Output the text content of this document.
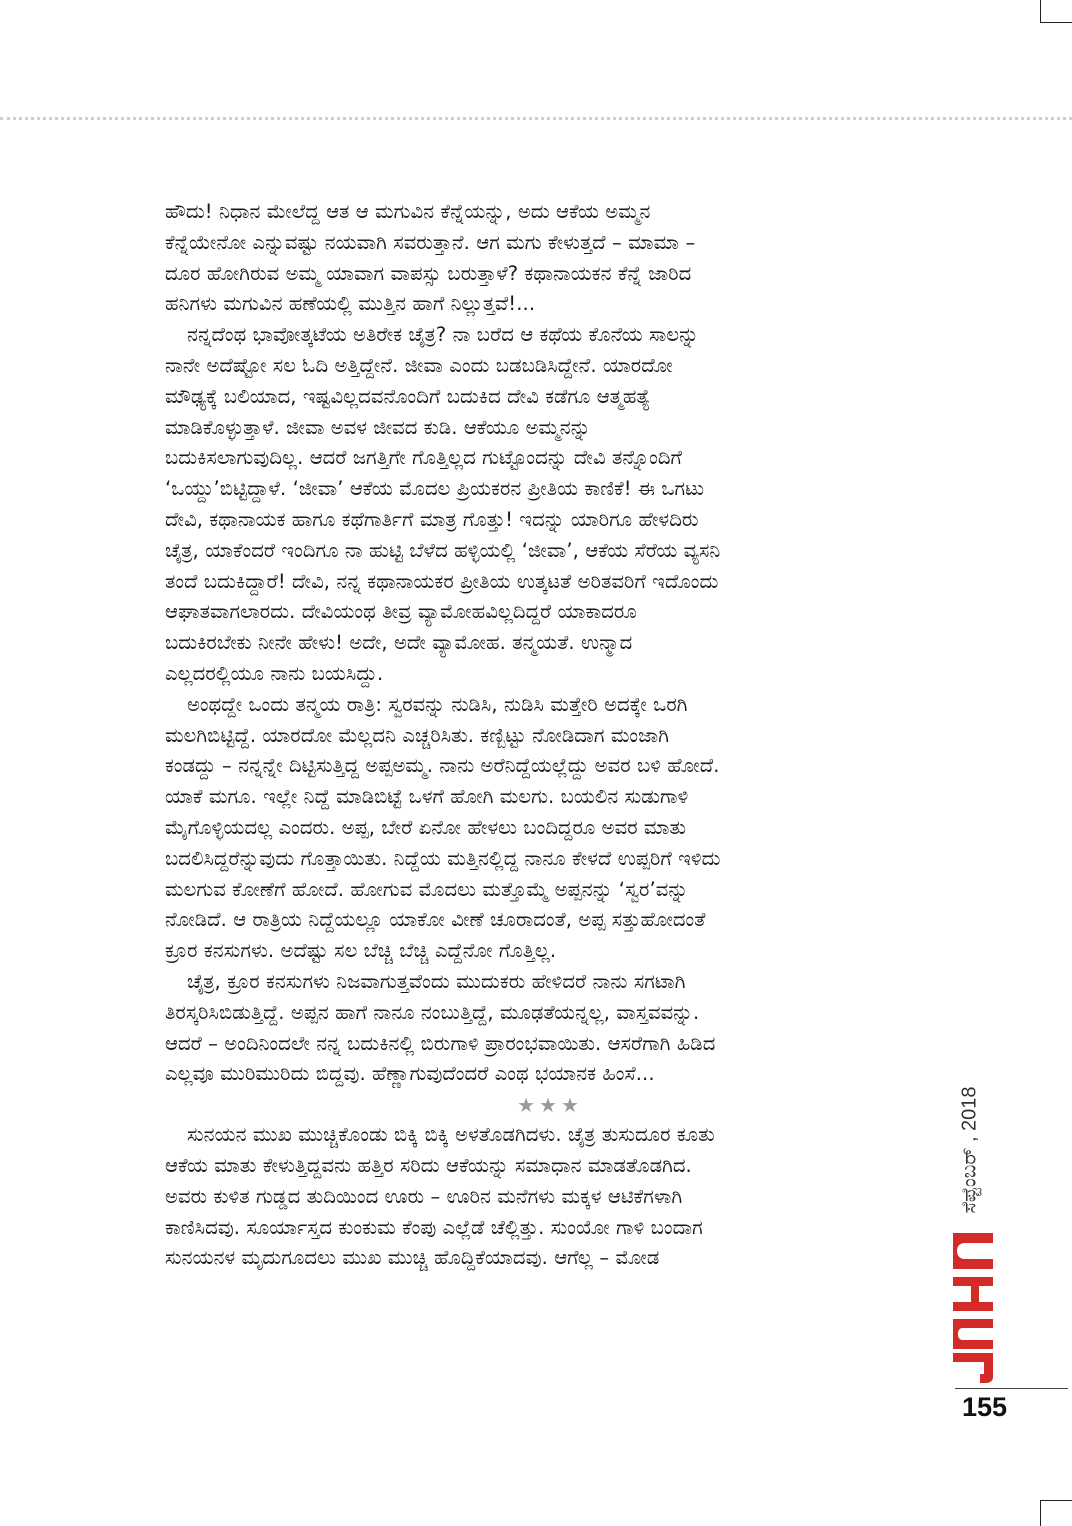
ಹೌದು! ನಿಧಾನ ಮೇಲೆದ್ದ ಆತ ಆ ಮಗುವಿನ ಕೆನ್ನೆಯನ್ನು, ಅದು ಆಕೆಯ ಅಮ್ಮನ
ಕೆನ್ನೆಯೇನೋ ಎನ್ನುವಷ್ಟು ನಯವಾಗಿ ಸವರುತ್ತಾನೆ. ಆಗ ಮಗು ಕೇಳುತ್ತದೆ – ಮಾಮಾ –
ದೂರ ಹೋಗಿರುವ ಅಮ್ಮ ಯಾವಾಗ ವಾಪಸ್ಸು ಬರುತ್ತಾಳೆ? ಕಥಾನಾಯಕನ ಕೆನ್ನೆ ಜಾರಿದ
ಹನಿಗಳು ಮಗುವಿನ ಹಣೆಯಲ್ಲಿ ಮುತ್ತಿನ ಹಾಗೆ ನಿಲ್ಲುತ್ತವೆ!...
ನನ್ನದೆಂಥ ಭಾವೋತ್ಕಟೆಯ ಅತಿರೇಕ ಚೈತ್ರ? ನಾ ಬರೆದ ಆ ಕಥೆಯ ಕೊನೆಯ ಸಾಲನ್ನು
ನಾನೇ ಅದೆಷ್ಟೋ ಸಲ ಓದಿ ಅತ್ತಿದ್ದೇನೆ. ಜೀವಾ ಎಂದು ಬಡಬಡಿಸಿದ್ದೇನೆ. ಯಾರದೋ
ಮೌಢ್ಯಕ್ಕೆ ಬಲಿಯಾದ, ಇಷ್ಟವಿಲ್ಲದವನೊಂದಿಗೆ ಬದುಕಿದ ದೇವಿ ಕಡೆಗೂ ಆತ್ಮಹತ್ಯೆ
ಮಾಡಿಕೊಳ್ಳುತ್ತಾಳೆ. ಜೀವಾ ಅವಳ ಜೀವದ ಕುಡಿ. ಆಕೆಯೂ ಅಮ್ಮನನ್ನು
ಬದುಕಿಸಲಾಗುವುದಿಲ್ಲ. ಆದರೆ ಜಗತ್ತಿಗೇ ಗೊತ್ತಿಲ್ಲದ ಗುಟ್ಟೊಂದನ್ನು ದೇವಿ ತನ್ನೊಂದಿಗೆ
‘ಒಯ್ದು’ಬಿಟ್ಟಿದ್ದಾಳೆ. ‘ಜೀವಾ’ ಆಕೆಯ ಮೊದಲ ಪ್ರಿಯಕರನ ಪ್ರೀತಿಯ ಕಾಣಿಕೆ! ಈ ಒಗಟು
ದೇವಿ, ಕಥಾನಾಯಕ ಹಾಗೂ ಕಥೆಗಾರ್ತಿಗೆ ಮಾತ್ರ ಗೊತ್ತು! ಇದನ್ನು ಯಾರಿಗೂ ಹೇಳದಿರು
ಚೈತ್ರ, ಯಾಕೆಂದರೆ ಇಂದಿಗೂ ನಾ ಹುಟ್ಟಿ ಬೆಳೆದ ಹಳ್ಳಿಯಲ್ಲಿ ‘ಜೀವಾ’, ಆಕೆಯ ಸೆರೆಯ ವ್ಯಸನಿ
ತಂದೆ ಬದುಕಿದ್ದಾರೆ! ದೇವಿ, ನನ್ನ ಕಥಾನಾಯಕರ ಪ್ರೀತಿಯ ಉತ್ಕಟತೆ ಅರಿತವರಿಗೆ ಇದೊಂದು
ಆಘಾತವಾಗಲಾರದು. ದೇವಿಯಂಥ ತೀವ್ರ ವ್ಯಾಮೋಹವಿಲ್ಲದಿದ್ದರೆ ಯಾಕಾದರೂ
ಬದುಕಿರಬೇಕು ನೀನೇ ಹೇಳು! ಅದೇ, ಅದೇ ವ್ಯಾಮೋಹ. ತನ್ಮಯತೆ. ಉನ್ಮಾದ
ಎಲ್ಲದರಲ್ಲಿಯೂ ನಾನು ಬಯಸಿದ್ದು.
ಅಂಥದ್ದೇ ಒಂದು ತನ್ಮಯ ರಾತ್ರಿ: ಸ್ವರವನ್ನು ನುಡಿಸಿ, ನುಡಿಸಿ ಮತ್ತೇರಿ ಅದಕ್ಕೇ ಒರಗಿ
ಮಲಗಿಬಿಟ್ಟಿದ್ದೆ. ಯಾರದೋ ಮೆಲ್ಲದನಿ ಎಚ್ಚರಿಸಿತು. ಕಣ್ಬಿಟ್ಟು ನೋಡಿದಾಗ ಮಂಜಾಗಿ
ಕಂಡದ್ದು – ನನ್ನನ್ನೇ ದಿಟ್ಟಿಸುತ್ತಿದ್ದ ಅಪ್ಪಅಮ್ಮ. ನಾನು ಅರೆನಿದ್ದೆಯಲ್ಲೆದ್ದು ಅವರ ಬಳಿ ಹೋದೆ.
ಯಾಕೆ ಮಗೂ. ಇಲ್ಲೇ ನಿದ್ದೆ ಮಾಡಿಬಿಟ್ಟೆ ಒಳಗೆ ಹೋಗಿ ಮಲಗು. ಬಯಲಿನ ಸುಡುಗಾಳಿ
ಮೈಗೊಳ್ಳಿಯದಲ್ಲ ಎಂದರು. ಅಪ್ಪ, ಬೇರೆ ಏನೋ ಹೇಳಲು ಬಂದಿದ್ದರೂ ಅವರ ಮಾತು
ಬದಲಿಸಿದ್ದರೆನ್ನುವುದು ಗೊತ್ತಾಯಿತು. ನಿದ್ದೆಯ ಮತ್ತಿನಲ್ಲಿದ್ದ ನಾನೂ ಕೇಳದೆ ಉಪ್ಪರಿಗೆ ಇಳಿದು
ಮಲಗುವ ಕೋಣೆಗೆ ಹೋದೆ. ಹೋಗುವ ಮೊದಲು ಮತ್ತೊಮ್ಮೆ ಅಪ್ಪನನ್ನು ‘ಸ್ವರ’ವನ್ನು
ನೋಡಿದೆ. ಆ ರಾತ್ರಿಯ ನಿದ್ದೆಯಲ್ಲೂ ಯಾಕೋ ವೀಣೆ ಚೂರಾದಂತೆ, ಅಪ್ಪ ಸತ್ತುಹೋದಂತೆ
ಕ್ರೂರ ಕನಸುಗಳು. ಅದೆಷ್ಟು ಸಲ ಬೆಚ್ಚಿ ಬೆಚ್ಚಿ ಎದ್ದೆನೋ ಗೊತ್ತಿಲ್ಲ.
ಚೈತ್ರ, ಕ್ರೂರ ಕನಸುಗಳು ನಿಜವಾಗುತ್ತವೆಂದು ಮುದುಕರು ಹೇಳಿದರೆ ನಾನು ಸಗಟಾಗಿ
ತಿರಸ್ಕರಿಸಿಬಿಡುತ್ತಿದ್ದೆ. ಅಪ್ಪನ ಹಾಗೆ ನಾನೂ ನಂಬುತ್ತಿದ್ದೆ, ಮೂಢತೆಯನ್ನಲ್ಲ, ವಾಸ್ತವವನ್ನು.
ಆದರೆ – ಅಂದಿನಿಂದಲೇ ನನ್ನ ಬದುಕಿನಲ್ಲಿ ಬಿರುಗಾಳಿ ಪ್ರಾರಂಭವಾಯಿತು. ಆಸರೆಗಾಗಿ ಹಿಡಿದ
ಎಲ್ಲವೂ ಮುರಿಮುರಿದು ಬಿದ್ದವು. ಹೆಣ್ಣಾಗುವುದೆಂದರೆ ಎಂಥ ಭಯಾನಕ ಹಿಂಸೆ...
★★★
ಸುನಯನ ಮುಖ ಮುಚ್ಚಿಕೊಂಡು ಬಿಕ್ಕಿ ಬಿಕ್ಕಿ ಅಳತೊಡಗಿದಳು. ಚೈತ್ರ ತುಸುದೂರ ಕೂತು
ಆಕೆಯ ಮಾತು ಕೇಳುತ್ತಿದ್ದವನು ಹತ್ತಿರ ಸರಿದು ಆಕೆಯನ್ನು ಸಮಾಧಾನ ಮಾಡತೊಡಗಿದ.
ಅವರು ಕುಳಿತ ಗುಡ್ಡದ ತುದಿಯಿಂದ ಊರು – ಊರಿನ ಮನೆಗಳು ಮಕ್ಕಳ ಆಟಿಕೆಗಳಾಗಿ
ಕಾಣಿಸಿದವು. ಸೂರ್ಯಾಸ್ತದ ಕುಂಕುಮ ಕೆಂಪು ಎಲ್ಲೆಡೆ ಚೆಲ್ಲಿತ್ತು. ಸುಂಯೋ ಗಾಳಿ ಬಂದಾಗ
ಸುನಯನಳ ಮೃದುಗೂದಲು ಮುಖ ಮುಚ್ಚಿ ಹೊದ್ದಿಕೆಯಾದವು. ಆಗೆಲ್ಲ – ಮೋಡ
ಸೆಪ್ಟೆಂಬರ್ , 2018
155
